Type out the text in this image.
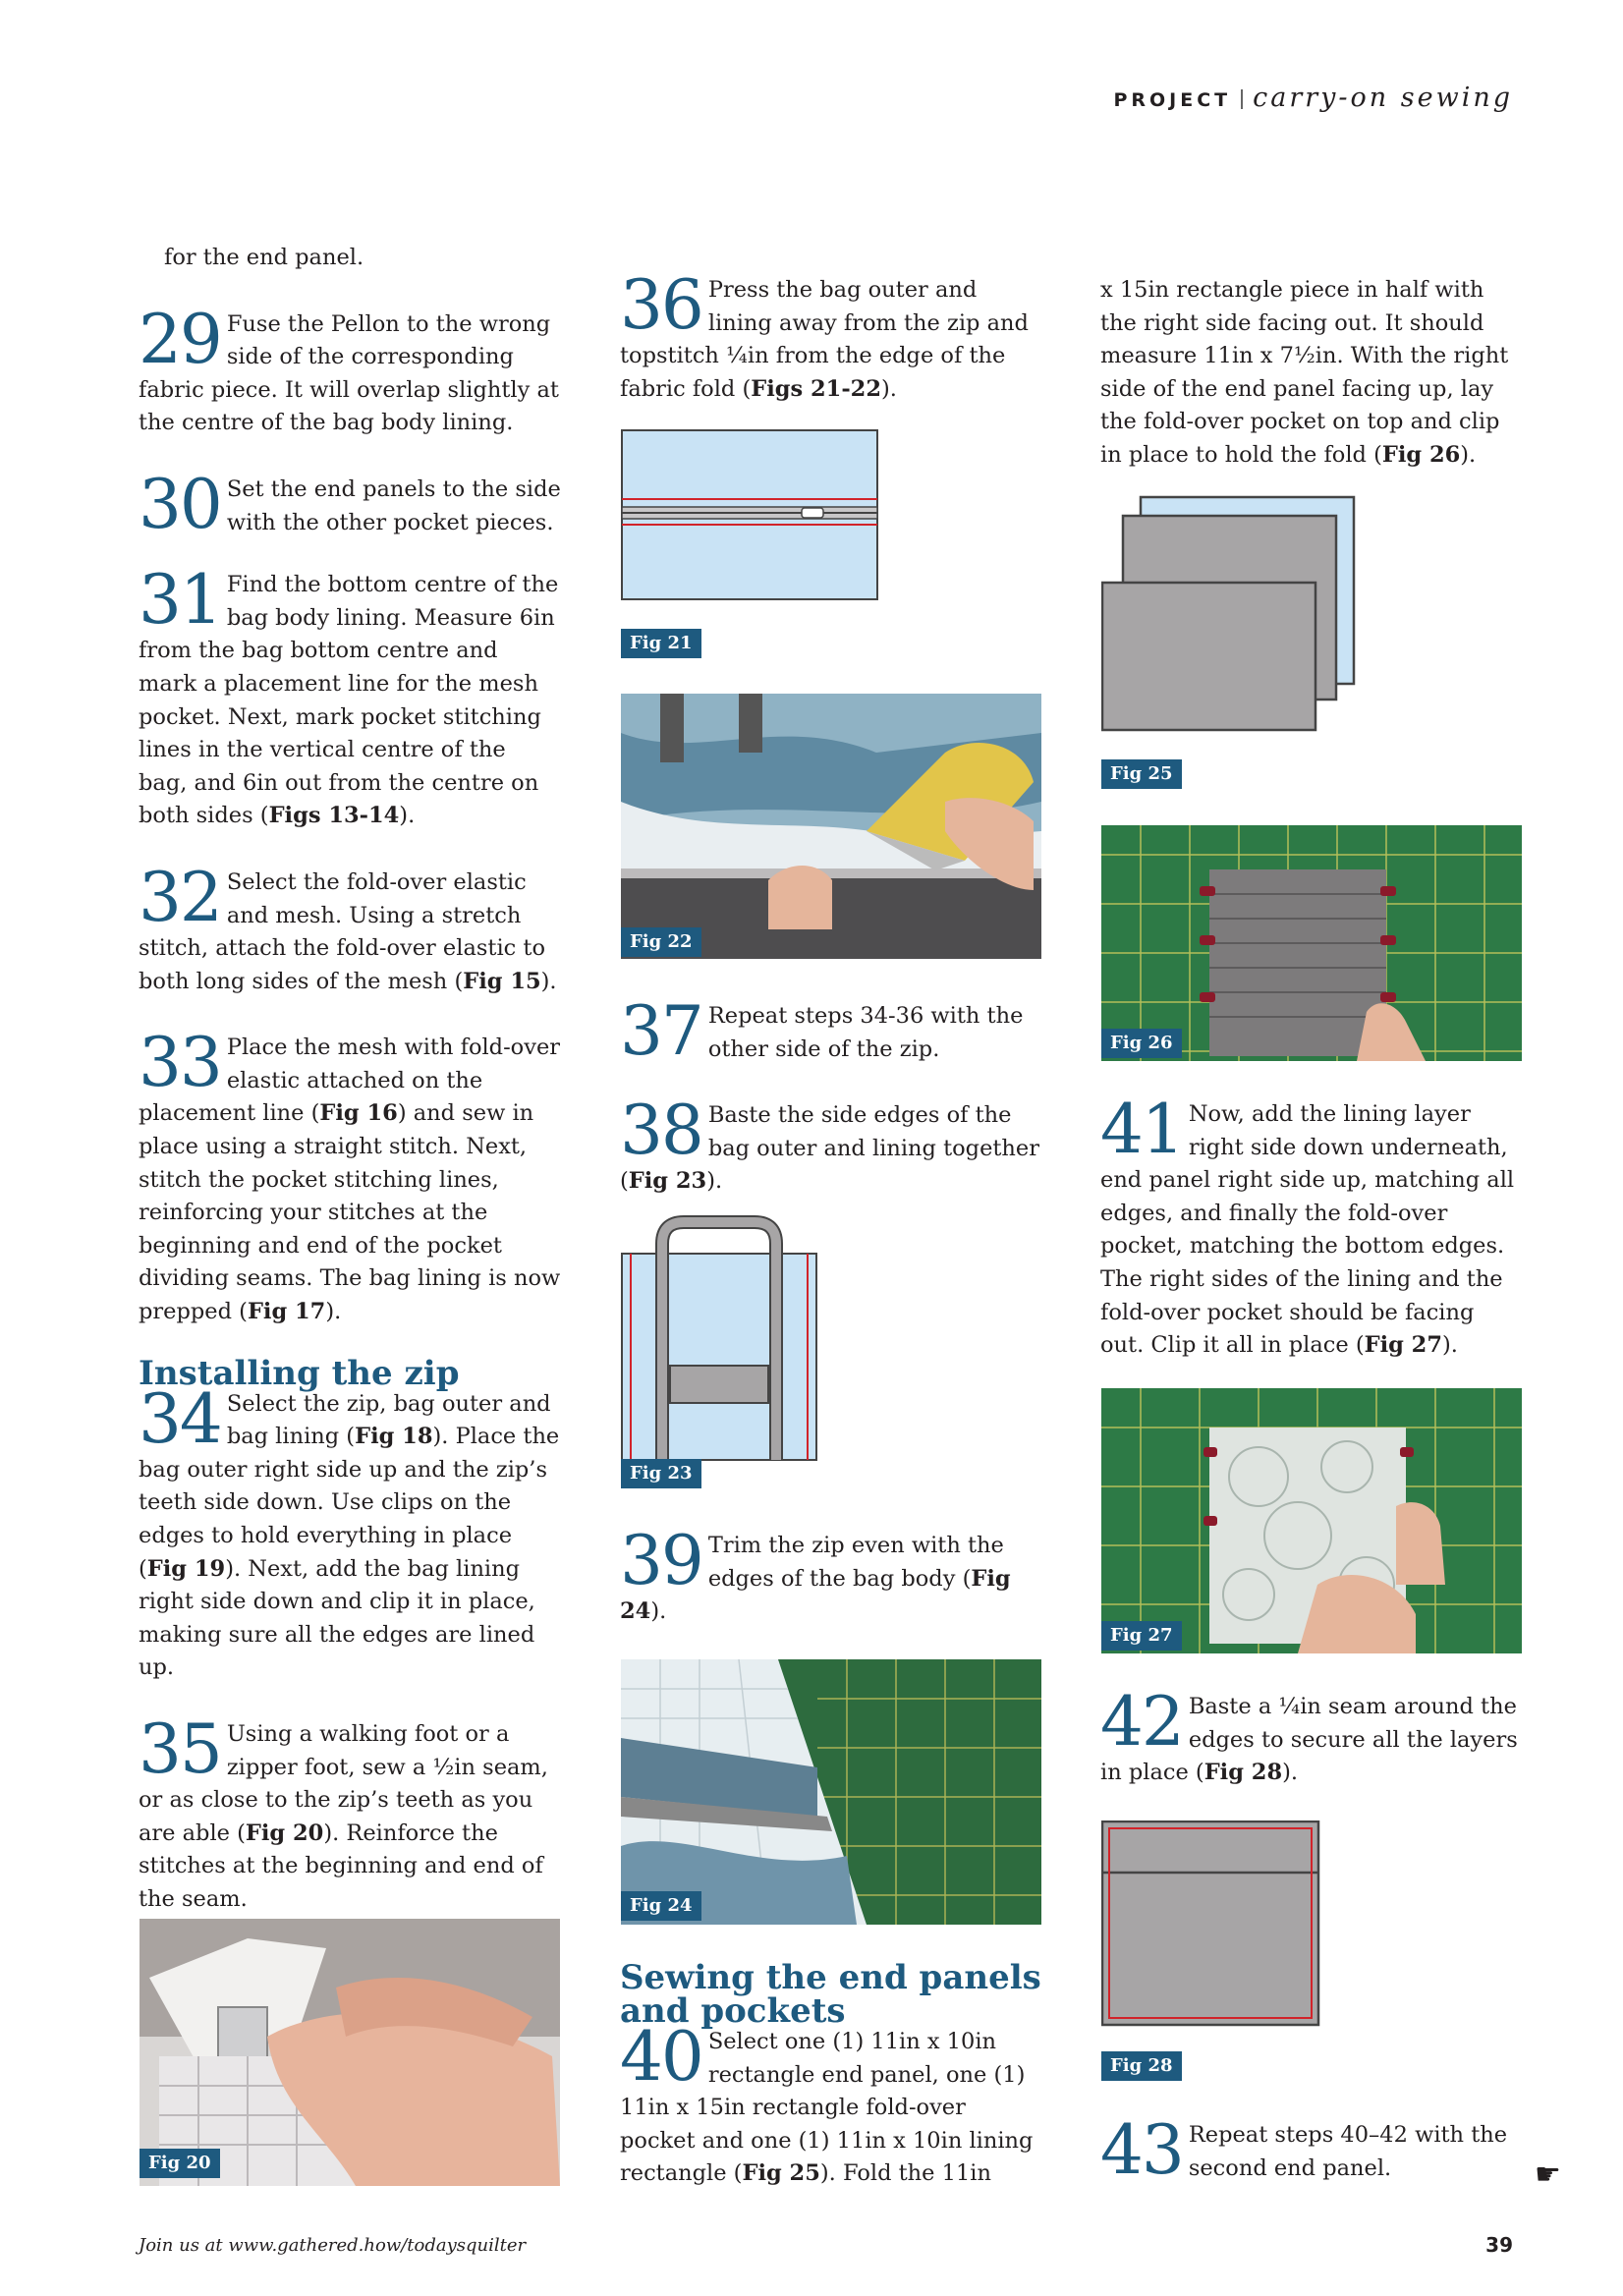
PROJECT carry-on sewing

for the end panel.

29 Fuse the Pellon to the wrong side of the corresponding fabric piece. It will overlap slightly at the centre of the bag body lining.
30 Set the end panels to the side with the other pocket pieces.
31 Find the bottom centre of the bag body lining. Measure 6in from the bag bottom centre and mark a placement line for the mesh pocket. Next, mark pocket stitching lines in the vertical centre of the bag, and 6in out from the centre on both sides (Figs 13-14).
32 Select the fold-over elastic and mesh. Using a stretch stitch, attach the fold-over elastic to both long sides of the mesh (Fig 15).
33 Place the mesh with fold-over elastic attached on the placement line (Fig 16) and sew in place using a straight stitch. Next, stitch the pocket stitching lines, reinforcing your stitches at the beginning and end of the pocket dividing seams. The bag lining is now prepped (Fig 17).
Installing the zip
34 Select the zip, bag outer and bag lining (Fig 18). Place the bag outer right side up and the zip’s teeth side down. Use clips on the edges to hold everything in place (Fig 19). Next, add the bag lining right side down and clip it in place, making sure all the edges are lined up.
35 Using a walking foot or a zipper foot, sew a ½in seam, or as close to the zip’s teeth as you are able (Fig 20). Reinforce the stitches at the beginning and end of the seam.
Fig 20
36 Press the bag outer and lining away from the zip and topstitch ¼in from the edge of the fabric fold (Figs 21-22).
Fig 21
Fig 22
37 Repeat steps 34-36 with the other side of the zip.
38 Baste the side edges of the bag outer and lining together (Fig 23).
Fig 23
39 Trim the zip even with the edges of the bag body (Fig 24).
Fig 24
Sewing the end panels and pockets
40 Select one (1) 11in x 10in rectangle end panel, one (1) 11in x 15in rectangle fold-over pocket and one (1) 11in x 10in lining rectangle (Fig 25). Fold the 11in

x 15in rectangle piece in half with the right side facing out. It should measure 11in x 7½in. With the right side of the end panel facing up, lay the fold-over pocket on top and clip in place to hold the fold (Fig 26).

Fig 25
Fig 26
41 Now, add the lining layer right side down underneath, end panel right side up, matching all edges, and finally the fold-over pocket, matching the bottom edges. The right sides of the lining and the fold-over pocket should be facing out. Clip it all in place (Fig 27).
Fig 27
42 Baste a ¼in seam around the edges to secure all the layers in place (Fig 28).
Fig 28
43 Repeat steps 40–42 with the second end panel.	☛
Join us at www.gathered.how/todaysquilter	39
